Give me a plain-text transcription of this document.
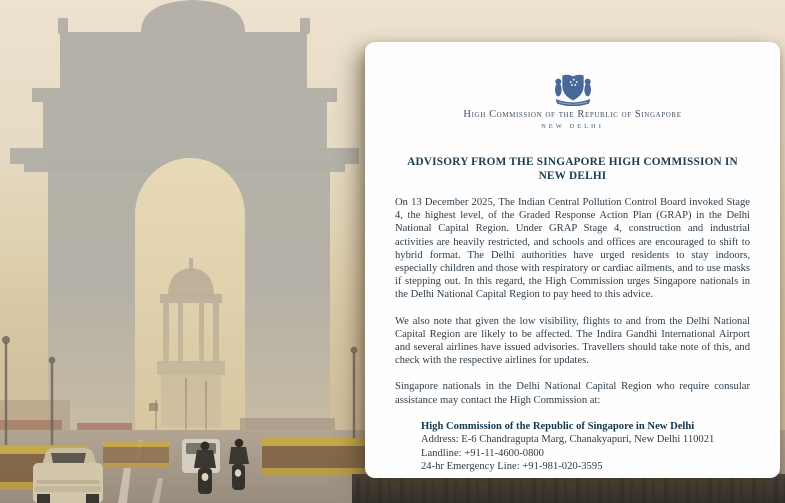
High Commission of the Republic of Singapore
NEW DELHI
ADVISORY FROM THE SINGAPORE HIGH COMMISSION IN NEW DELHI

On 13 December 2025, The Indian Central Pollution Control Board invoked Stage 4, the highest level, of the Graded Response Action Plan (GRAP) in the Delhi National Capital Region. Under GRAP Stage 4, construction and industrial activities are heavily restricted, and schools and offices are encouraged to shift to hybrid format. The Delhi authorities have urged residents to stay indoors, especially children and those with respiratory or cardiac ailments, and to use masks if stepping out. In this regard, the High Commission urges Singapore nationals in the Delhi National Capital Region to pay heed to this advice.

We also note that given the low visibility, flights to and from the Delhi National Capital Region are likely to be affected. The Indira Gandhi International Airport and several airlines have issued advisories. Travellers should take note of this, and check with the respective airlines for updates.

Singapore nationals in the Delhi National Capital Region who require consular assistance may contact the High Commission at:

High Commission of the Republic of Singapore in New Delhi
Address: E-6 Chandragupta Marg, Chanakyapuri, New Delhi 110021
Landline: +91-11-4600-0800
24-hr Emergency Line: +91-981-020-3595
